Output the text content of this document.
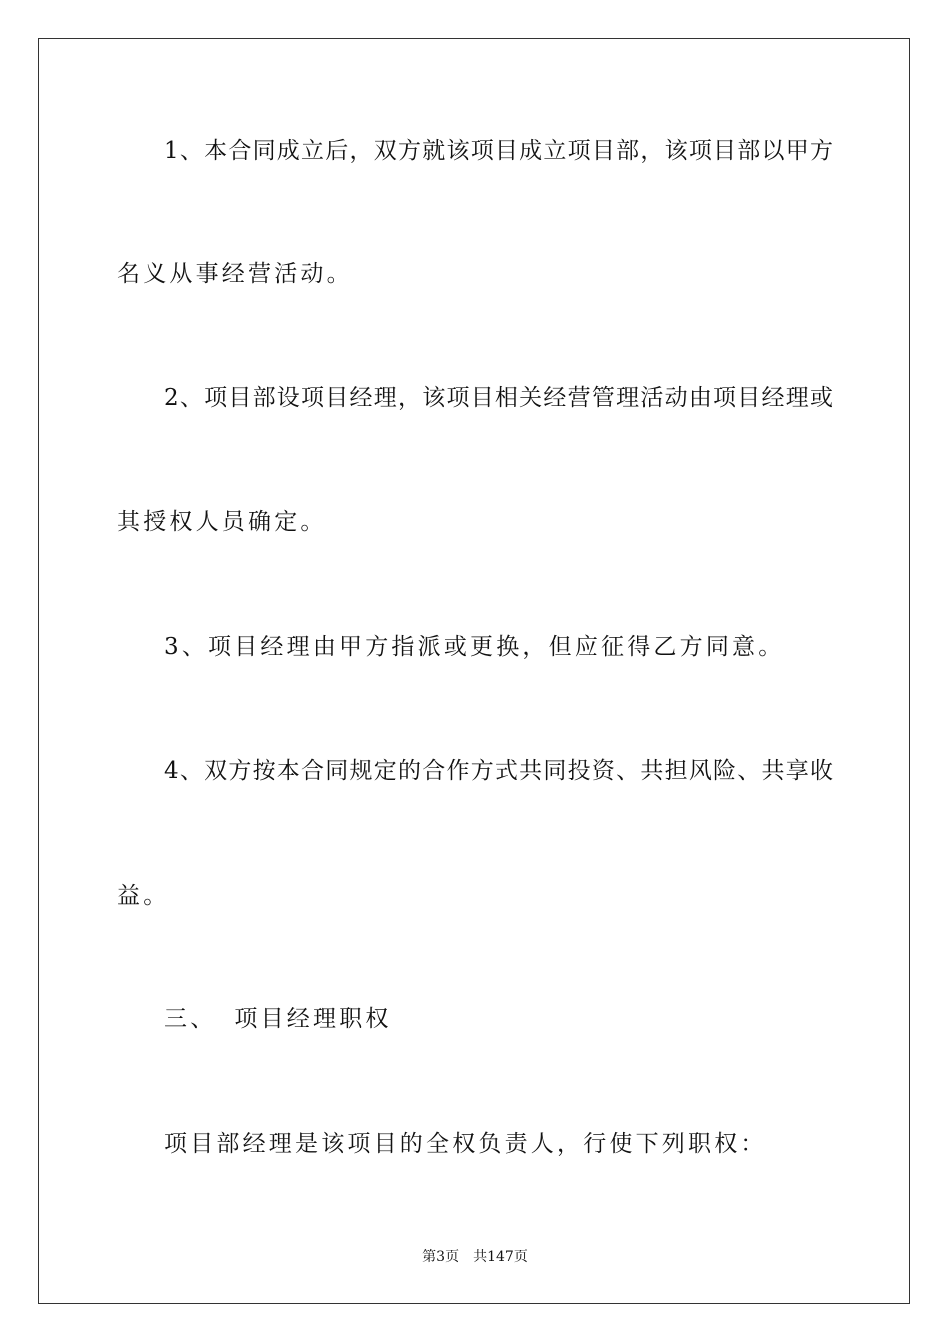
1、本合同成立后，双方就该项目成立项目部，该项目部以甲方
名义从事经营活动。
2、项目部设项目经理，该项目相关经营管理活动由项目经理或
其授权人员确定。
3、项目经理由甲方指派或更换，但应征得乙方同意。
4、双方按本合同规定的合作方式共同投资、共担风险、共享收
益。
三、 项目经理职权
项目部经理是该项目的全权负责人，行使下列职权：
第3页 共147页
